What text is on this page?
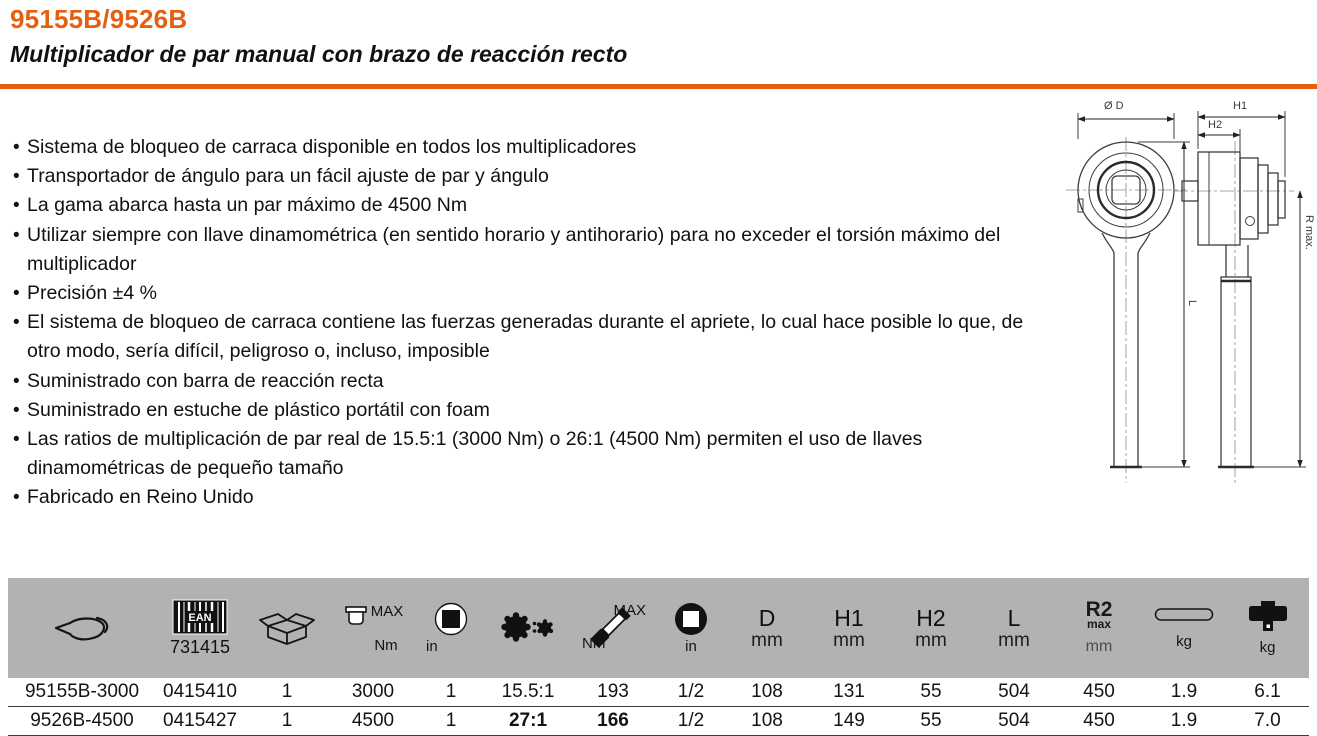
95155B/9526B
Multiplicador de par manual con brazo de reacción recto
• Sistema de bloqueo de carraca disponible en todos los multiplicadores
• Transportador de ángulo para un fácil ajuste de par y ángulo
• La gama abarca hasta un par máximo de 4500 Nm
• Utilizar siempre con llave dinamométrica (en sentido horario y antihorario) para no exceder el torsión máximo del multiplicador
• Precisión ±4 %
• El sistema de bloqueo de carraca contiene las fuerzas generadas durante el apriete, lo cual hace posible lo que, de otro modo, sería difícil, peligroso o, incluso, imposible
• Suministrado con barra de reacción recta
• Suministrado en estuche de plástico portátil con foam
• Las ratios de multiplicación de par real de 15.5:1 (3000 Nm) o 26:1 (4500 Nm) permiten el uso de llaves dinamométricas de pequeño tamaño
• Fabricado en Reino Unido
Ø D
L
H1
H2
R max.
EAN
731415
MAX
Nm in
MAX
Nm	in
D
mm
H1
mm
H2
mm
L
mm
R2
max
mm	kg	kg
95155B-3000	0415410	1	3000	1	15.5:1	193	1/2	108	131	55	504	450	1.9	6.1
9526B-4500	0415427	1	4500	1	27:1	166	1/2	108	149	55	504	450	1.9	7.0
